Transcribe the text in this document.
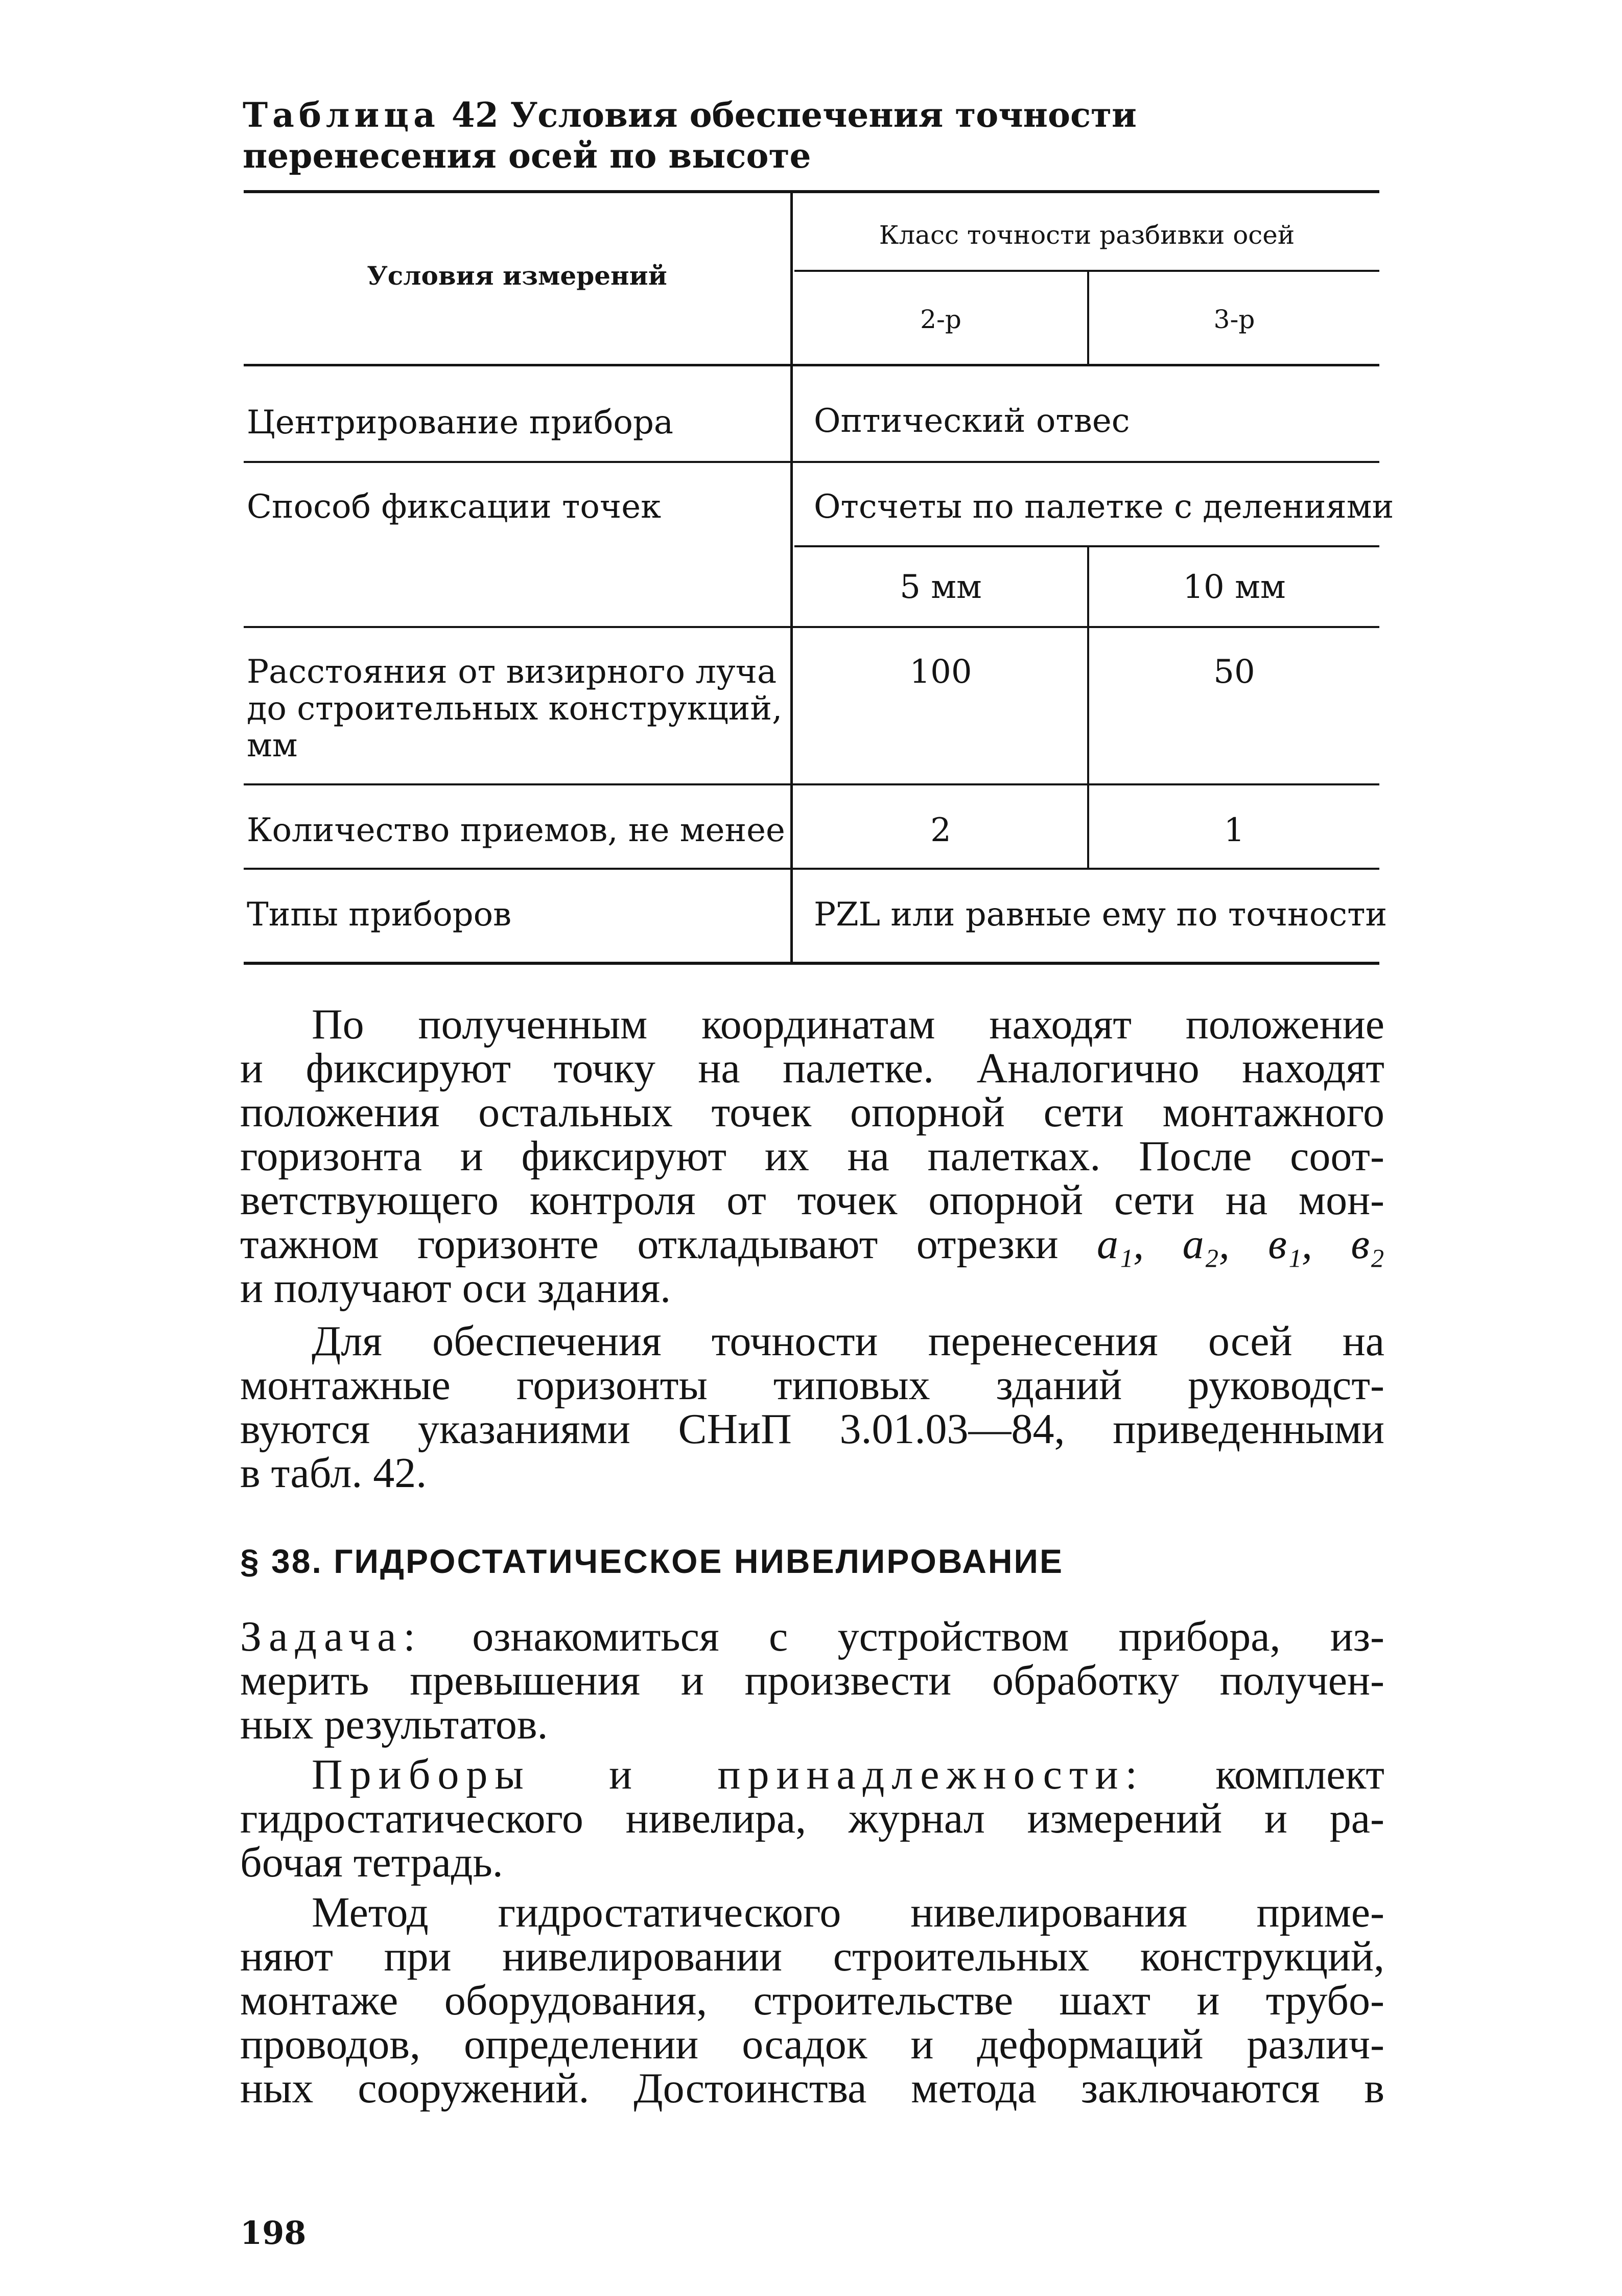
Таблица 42 Условия обеспечения точности
перенесения осей по высоте
Условия измерений
Класс точности разбивки осей
2-р	3-р
Центрирование прибора	Оптический отвес
Способ фиксации точек	Отсчеты по палетке с делениями
5 мм	10 мм
Расстояния от визирного луча
до строительных конструкций,
мм
100	50
Количество приемов, не менее	2	1
Типы приборов	PZL или равные ему по точности
По полученным координатам находят положение
и фиксируют точку на палетке. Аналогично находят
положения остальных точек опорной сети монтажного
горизонта и фиксируют их на палетках. После соот-
ветствующего контроля от точек опорной сети на мон-
тажном горизонте откладывают отрезки a₁, a₂, в₁, в₂
и получают оси здания.
Для обеспечения точности перенесения осей на
монтажные горизонты типовых зданий руководст-
вуются указаниями СНиП 3.01.03—84, приведенными
в табл. 42.
§ 38. ГИДРОСТАТИЧЕСКОЕ НИВЕЛИРОВАНИЕ
Задача: ознакомиться с устройством прибора, из-
мерить превышения и произвести обработку получен-
ных результатов.
Приборы и принадлежности: комплект
гидростатического нивелира, журнал измерений и ра-
бочая тетрадь.
Метод гидростатического нивелирования приме-
няют при нивелировании строительных конструкций,
монтаже оборудования, строительстве шахт и трубо-
проводов, определении осадок и деформаций различ-
ных сооружений. Достоинства метода заключаются в
198
